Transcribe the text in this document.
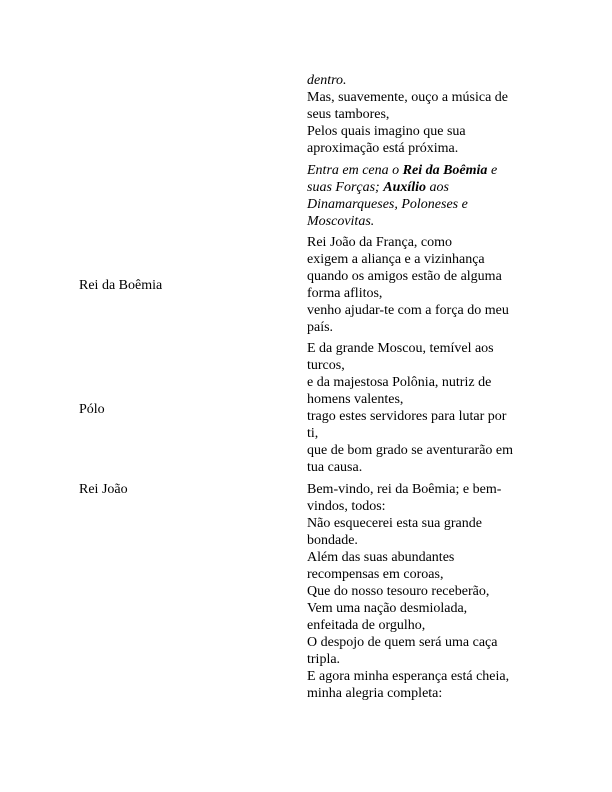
dentro.
Mas, suavemente, ouço a música de
seus tambores,
Pelos quais imagino que sua
aproximação está próxima.
Entra em cena o Rei da Boêmia e
suas Forças; Auxílio aos
Dinamarqueses, Poloneses e
Moscovitas.
Rei da Boêmia
Rei João da França, como
exigem a aliança e a vizinhança
quando os amigos estão de alguma
forma aflitos,
venho ajudar-te com a força do meu
país.
Pólo
E da grande Moscou, temível aos
turcos,
e da majestosa Polônia, nutriz de
homens valentes,
trago estes servidores para lutar por
ti,
que de bom grado se aventurarão em
tua causa.
Rei João	Bem-vindo, rei da Boêmia; e bem-
vindos, todos:
Não esquecerei esta sua grande
bondade.
Além das suas abundantes
recompensas em coroas,
Que do nosso tesouro receberão,
Vem uma nação desmiolada,
enfeitada de orgulho,
O despojo de quem será uma caça
tripla.
E agora minha esperança está cheia,
minha alegria completa:
